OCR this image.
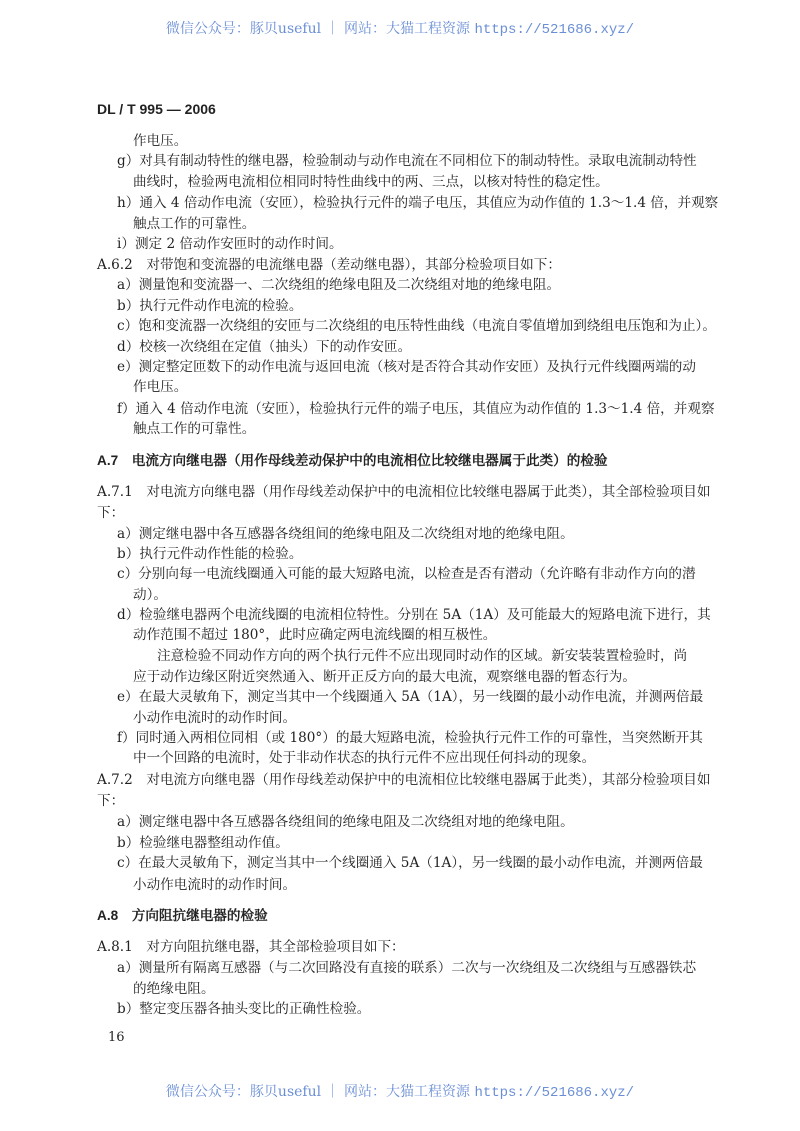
微信公众号：豚贝useful ｜ 网站：大猫工程资源 https://521686.xyz/
DL / T 995 — 2006
作电压。
g）对具有制动特性的继电器，检验制动与动作电流在不同相位下的制动特性。录取电流制动特性
曲线时，检验两电流相位相同时特性曲线中的两、三点，以核对特性的稳定性。
h）通入 4 倍动作电流（安匝），检验执行元件的端子电压，其值应为动作值的 1.3～1.4 倍，并观察
触点工作的可靠性。
i）测定 2 倍动作安匝时的动作时间。
A.6.2　对带饱和变流器的电流继电器（差动继电器），其部分检验项目如下：
a）测量饱和变流器一、二次绕组的绝缘电阻及二次绕组对地的绝缘电阻。
b）执行元件动作电流的检验。
c）饱和变流器一次绕组的安匝与二次绕组的电压特性曲线（电流自零值增加到绕组电压饱和为止）。
d）校核一次绕组在定值（抽头）下的动作安匝。
e）测定整定匝数下的动作电流与返回电流（核对是否符合其动作安匝）及执行元件线圈两端的动
作电压。
f）通入 4 倍动作电流（安匝），检验执行元件的端子电压，其值应为动作值的 1.3～1.4 倍，并观察
触点工作的可靠性。
A.7　电流方向继电器（用作母线差动保护中的电流相位比较继电器属于此类）的检验
A.7.1　对电流方向继电器（用作母线差动保护中的电流相位比较继电器属于此类），其全部检验项目如
下：
a）测定继电器中各互感器各绕组间的绝缘电阻及二次绕组对地的绝缘电阻。
b）执行元件动作性能的检验。
c）分别向每一电流线圈通入可能的最大短路电流，以检查是否有潜动（允许略有非动作方向的潜
动）。
d）检验继电器两个电流线圈的电流相位特性。分别在 5A（1A）及可能最大的短路电流下进行，其
动作范围不超过 180°，此时应确定两电流线圈的相互极性。
注意检验不同动作方向的两个执行元件不应出现同时动作的区域。新安装装置检验时，尚
应于动作边缘区附近突然通入、断开正反方向的最大电流，观察继电器的暂态行为。
e）在最大灵敏角下，测定当其中一个线圈通入 5A（1A），另一线圈的最小动作电流，并测两倍最
小动作电流时的动作时间。
f）同时通入两相位同相（或 180°）的最大短路电流，检验执行元件工作的可靠性，当突然断开其
中一个回路的电流时，处于非动作状态的执行元件不应出现任何抖动的现象。
A.7.2　对电流方向继电器（用作母线差动保护中的电流相位比较继电器属于此类），其部分检验项目如
下：
a）测定继电器中各互感器各绕组间的绝缘电阻及二次绕组对地的绝缘电阻。
b）检验继电器整组动作值。
c）在最大灵敏角下，测定当其中一个线圈通入 5A（1A），另一线圈的最小动作电流，并测两倍最
小动作电流时的动作时间。
A.8　方向阻抗继电器的检验
A.8.1　对方向阻抗继电器，其全部检验项目如下：
a）测量所有隔离互感器（与二次回路没有直接的联系）二次与一次绕组及二次绕组与互感器铁芯
的绝缘电阻。
b）整定变压器各抽头变比的正确性检验。
16
微信公众号：豚贝useful ｜ 网站：大猫工程资源 https://521686.xyz/
